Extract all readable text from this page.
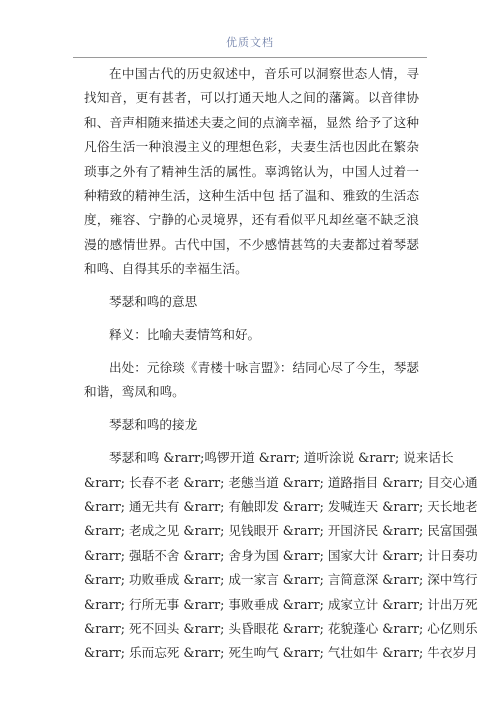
优质文档

在中国古代的历史叙述中，音乐可以洞察世态人情，寻找知音，更有甚者，可以打通天地人之间的藩篱。以音律协和、音声相随来描述夫妻之间的点滴幸福，显然 给予了这种凡俗生活一种浪漫主义的理想色彩，夫妻生活也因此在繁杂琐事之外有了精神生活的属性。辜鸿铭认为，中国人过着一种精致的精神生活，这种生活中包 括了温和、雅致的生活态度，雍容、宁静的心灵境界，还有看似平凡却丝毫不缺乏浪漫的感情世界。古代中国，不少感情甚笃的夫妻都过着琴瑟和鸣、自得其乐的幸福生活。

琴瑟和鸣的意思

释义：比喻夫妻情笃和好。

出处：元徐琰《青楼十咏言盟》：结同心尽了今生，琴瑟和谐，鸾凤和鸣。

琴瑟和鸣的接龙

琴瑟和鸣 &rarr;鸣锣开道 &rarr; 道听涂说 &rarr; 说来话长

&rarr; 长春不老 &rarr; 老態当道 &rarr; 道路指目 &rarr; 目交心通

&rarr; 通无共有 &rarr; 有触即发 &rarr; 发喊连天 &rarr; 天长地老

&rarr; 老成之见 &rarr; 见钱眼开 &rarr; 开国济民 &rarr; 民富国强

&rarr; 强聒不舍 &rarr; 舍身为国 &rarr; 国家大计 &rarr; 计日奏功

&rarr; 功败垂成 &rarr; 成一家言 &rarr; 言简意深 &rarr; 深中笃行

&rarr; 行所无事 &rarr; 事败垂成 &rarr; 成家立计 &rarr; 计出万死

&rarr; 死不回头 &rarr; 头昏眼花 &rarr; 花貌蓬心 &rarr; 心亿则乐

&rarr; 乐而忘死 &rarr; 死生呴气 &rarr; 气壮如牛 &rarr; 牛衣岁月
